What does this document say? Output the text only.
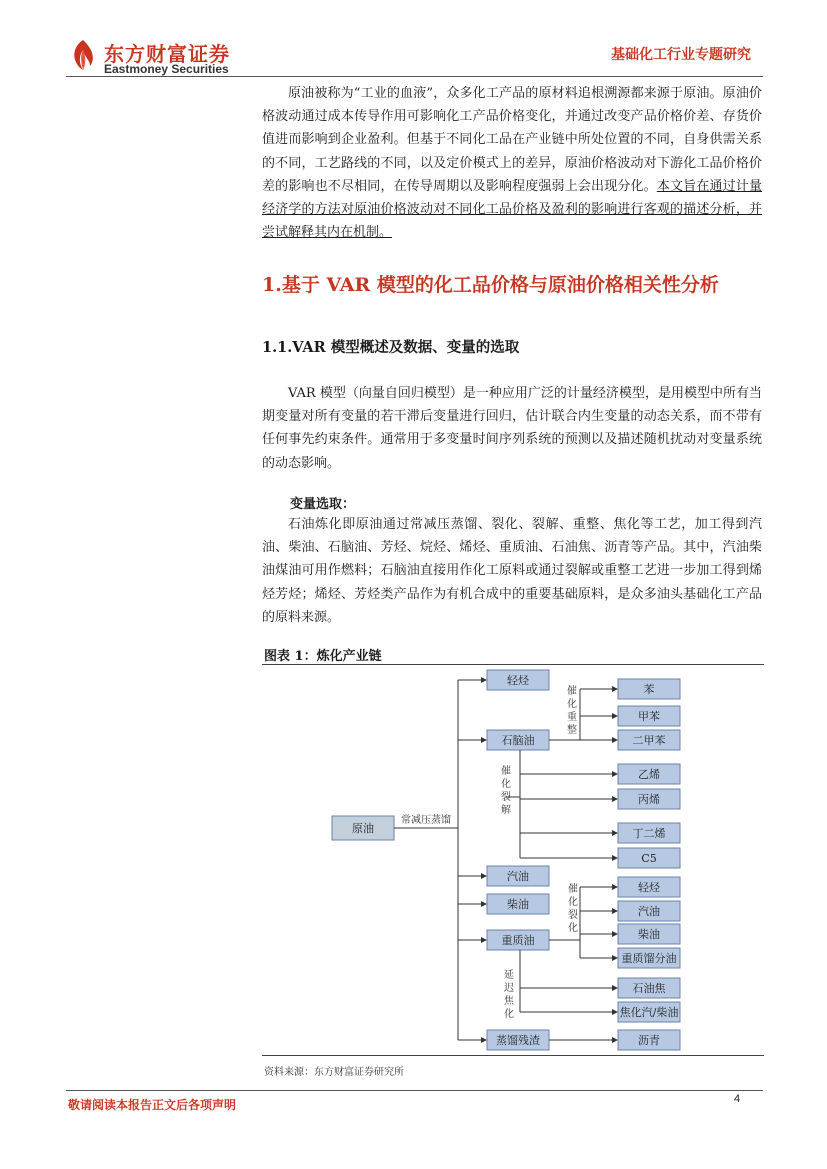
东方财富证券
Eastmoney Securities
基础化工行业专题研究
原油被称为“工业的血液”，众多化工产品的原材料追根溯源都来源于原油。原油价格波动通过成本传导作用可影响化工产品价格变化，并通过改变产品价格价差、存货价值进而影响到企业盈利。但基于不同化工品在产业链中所处位置的不同，自身供需关系的不同，工艺路线的不同，以及定价模式上的差异，原油价格波动对下游化工品价格价差的影响也不尽相同，在传导周期以及影响程度强弱上会出现分化。本文旨在通过计量经济学的方法对原油价格波动对不同化工品价格及盈利的影响进行客观的描述分析，并尝试解释其内在机制。
1.基于 VAR 模型的化工品价格与原油价格相关性分析
1.1.VAR 模型概述及数据、变量的选取
VAR 模型（向量自回归模型）是一种应用广泛的计量经济模型，是用模型中所有当期变量对所有变量的若干滞后变量进行回归，估计联合内生变量的动态关系，而不带有任何事先约束条件。通常用于多变量时间序列系统的预测以及描述随机扰动对变量系统的动态影响。
变量选取：
石油炼化即原油通过常减压蒸馏、裂化、裂解、重整、焦化等工艺，加工得到汽油、柴油、石脑油、芳烃、烷烃、烯烃、重质油、石油焦、沥青等产品。其中，汽油柴油煤油可用作燃料；石脑油直接用作化工原料或通过裂解或重整工艺进一步加工得到烯烃芳烃；烯烃、芳烃类产品作为有机合成中的重要基础原料，是众多油头基础化工产品的原料来源。
图表 1：炼化产业链
原油
常减压蒸馏
轻烃
石脑油
汽油
柴油
重质油
蒸馏残渣
催化重整
苯
甲苯
二甲苯
催化裂解
乙烯
丙烯
丁二烯
C5
催化裂化
轻烃
汽油
柴油
重质馏分油
延迟焦化
石油焦
焦化汽/柴油
沥青
资料来源：东方财富证券研究所
敬请阅读本报告正文后各项声明	4
